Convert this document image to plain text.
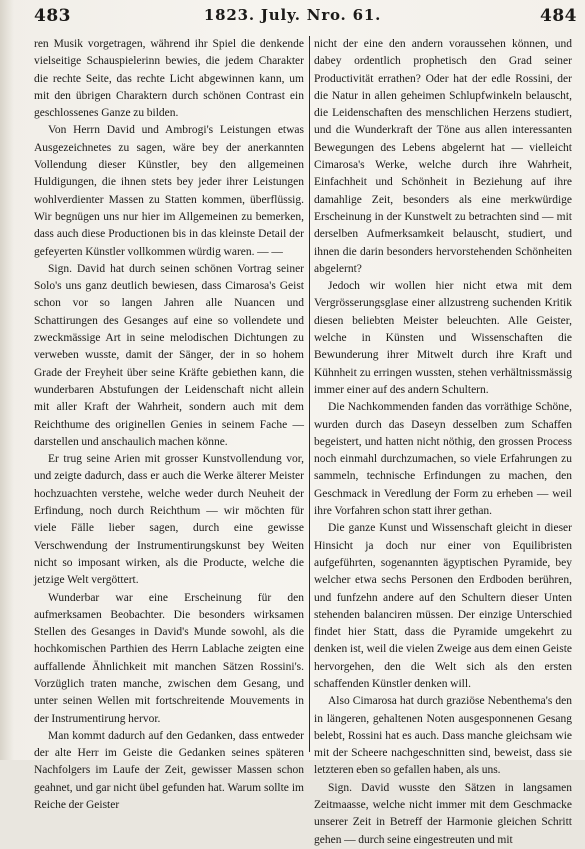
483	1823. July. Nro. 61.	484

ren Musik vorgetragen, während ihr Spiel die denkende vielseitige Schauspielerinn bewies, die jedem Charakter die rechte Seite, das rechte Licht abgewinnen kann, um mit den übrigen Charaktern durch schönen Contrast ein geschlossenes Ganze zu bilden.

Von Herrn David und Ambrogi's Leistungen etwas Ausgezeichnetes zu sagen, wäre bey der anerkannten Vollendung dieser Künstler, bey den allgemeinen Huldigungen, die ihnen stets bey jeder ihrer Leistungen wohlverdienter Massen zu Statten kommen, überflüssig. Wir begnügen uns nur hier im Allgemeinen zu bemerken, dass auch diese Productionen bis in das kleinste Detail der gefeyerten Künstler vollkommen würdig waren. — —

Sign. David hat durch seinen schönen Vortrag seiner Solo's uns ganz deutlich bewiesen, dass Cimarosa's Geist schon vor so langen Jahren alle Nuancen und Schattirungen des Gesanges auf eine so vollendete und zweckmässige Art in seine melodischen Dichtungen zu verweben wusste, damit der Sänger, der in so hohem Grade der Freyheit über seine Kräfte gebiethen kann, die wunderbaren Abstufungen der Leidenschaft nicht allein mit aller Kraft der Wahrheit, sondern auch mit dem Reichthume des originellen Genies in seinem Fache — darstellen und anschaulich machen könne.

Er trug seine Arien mit grosser Kunstvollendung vor, und zeigte dadurch, dass er auch die Werke älterer Meister hochzuachten verstehe, welche weder durch Neuheit der Erfindung, noch durch Reichthum — wir möchten für viele Fälle lieber sagen, durch eine gewisse Verschwendung der Instrumentirungskunst bey Weiten nicht so imposant wirken, als die Producte, welche die jetzige Welt vergöttert.

Wunderbar war eine Erscheinung für den aufmerksamen Beobachter. Die besonders wirksamen Stellen des Gesanges in David's Munde sowohl, als die hochkomischen Parthien des Herrn Lablache zeigten eine auffallende Ähnlichkeit mit manchen Sätzen Rossini's. Vorzüglich traten manche, zwischen dem Gesang, und unter seinen Wellen mit fortschreitende Mouvements in der Instrumentirung hervor.

Man kommt dadurch auf den Gedanken, dass entweder der alte Herr im Geiste die Gedanken seines späteren Nachfolgers im Laufe der Zeit, gewisser Massen schon geahnet, und gar nicht übel gefunden hat. Warum sollte im Reiche der Geister

nicht der eine den andern voraussehen können, und dabey ordentlich prophetisch den Grad seiner Productivität errathen? Oder hat der edle Rossini, der die Natur in allen geheimen Schlupfwinkeln belauscht, die Leidenschaften des menschlichen Herzens studiert, und die Wunderkraft der Töne aus allen interessanten Bewegungen des Lebens abgelernt hat — vielleicht Cimarosa's Werke, welche durch ihre Wahrheit, Einfachheit und Schönheit in Beziehung auf ihre damahlige Zeit, besonders als eine merkwürdige Erscheinung in der Kunstwelt zu betrachten sind — mit derselben Aufmerksamkeit belauscht, studiert, und ihnen die darin besonders hervorstehenden Schönheiten abgelernt?

Jedoch wir wollen hier nicht etwa mit dem Vergrösserungsglase einer allzustreng suchenden Kritik diesen beliebten Meister beleuchten. Alle Geister, welche in Künsten und Wissenschaften die Bewunderung ihrer Mitwelt durch ihre Kraft und Kühnheit zu erringen wussten, stehen verhältnissmässig immer einer auf des andern Schultern.

Die Nachkommenden fanden das vorräthige Schöne, wurden durch das Daseyn desselben zum Schaffen begeistert, und hatten nicht nöthig, den grossen Process noch einmahl durchzumachen, so viele Erfahrungen zu sammeln, technische Erfindungen zu machen, den Geschmack in Veredlung der Form zu erheben — weil ihre Vorfahren schon statt ihrer gethan.

Die ganze Kunst und Wissenschaft gleicht in dieser Hinsicht ja doch nur einer von Equilibristen aufgeführten, sogenannten ägyptischen Pyramide, bey welcher etwa sechs Personen den Erdboden berühren, und funfzehn andere auf den Schultern dieser Unten stehenden balanciren müssen. Der einzige Unterschied findet hier Statt, dass die Pyramide umgekehrt zu denken ist, weil die vielen Zweige aus dem einen Geiste hervorgehen, den die Welt sich als den ersten schaffenden Künstler denken will.

Also Cimarosa hat durch graziöse Nebenthema's den in längeren, gehaltenen Noten ausgesponnenen Gesang belebt, Rossini hat es auch. Dass manche gleichsam wie mit der Scheere nachgeschnitten sind, beweist, dass sie letzteren eben so gefallen haben, als uns.

Sign. David wusste den Sätzen in langsamen Zeitmaasse, welche nicht immer mit dem Geschmacke unserer Zeit in Betreff der Harmonie gleichen Schritt gehen — durch seine eingestreuten und mit
